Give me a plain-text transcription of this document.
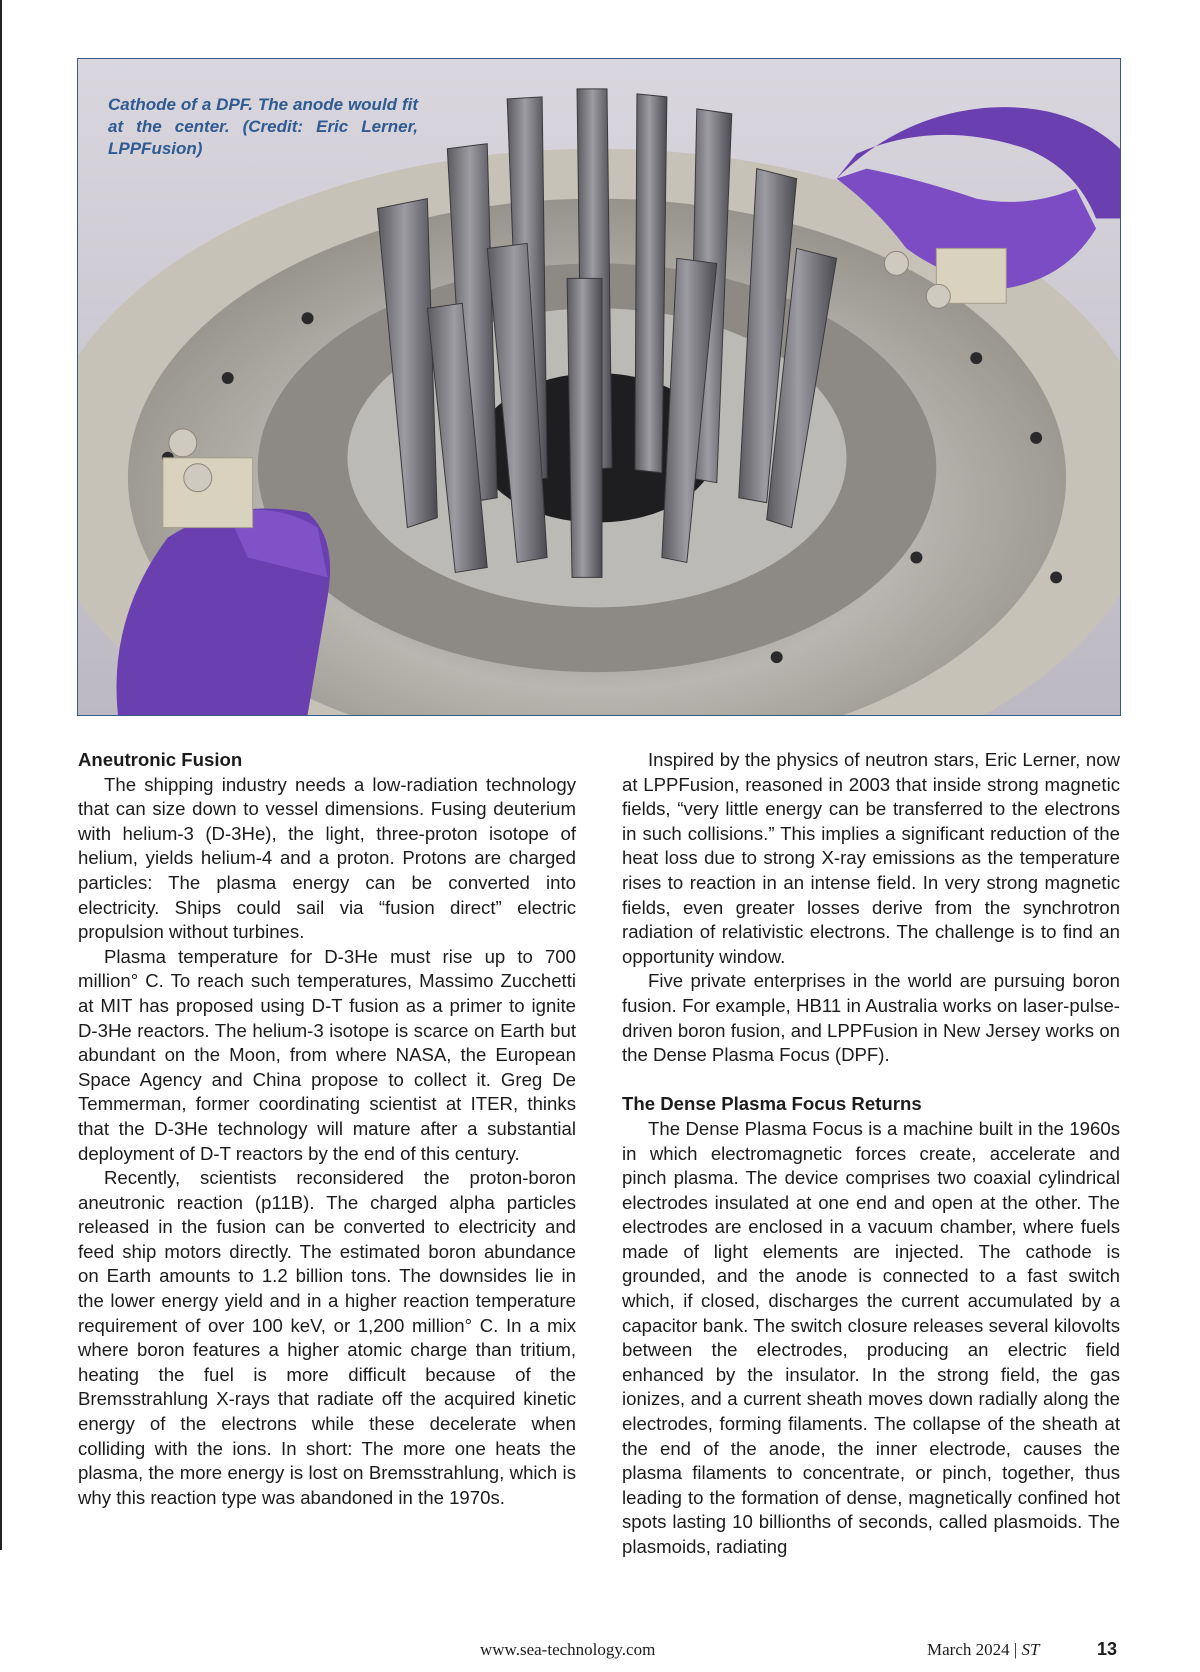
Cathode of a DPF. The anode would fit at the center. (Credit: Eric Lerner, LPPFusion)
Aneutronic Fusion

The shipping industry needs a low-radiation technology that can size down to vessel dimensions. Fusing deuterium with helium-3 (D-3He), the light, three-proton isotope of helium, yields helium-4 and a proton. Protons are charged particles: The plasma energy can be converted into electricity. Ships could sail via “fusion direct” electric propulsion without turbines.

Plasma temperature for D-3He must rise up to 700 million° C. To reach such temperatures, Massimo Zucchetti at MIT has proposed using D-T fusion as a primer to ignite D-3He reactors. The helium-3 isotope is scarce on Earth but abundant on the Moon, from where NASA, the European Space Agency and China propose to collect it. Greg De Temmerman, former coordinating scientist at ITER, thinks that the D-3He technology will mature after a substantial deployment of D-T reactors by the end of this century.

Recently, scientists reconsidered the proton-boron aneutronic reaction (p11B). The charged alpha particles released in the fusion can be converted to electricity and feed ship motors directly. The estimated boron abundance on Earth amounts to 1.2 billion tons. The downsides lie in the lower energy yield and in a higher reaction temperature requirement of over 100 keV, or 1,200 million° C. In a mix where boron features a higher atomic charge than tritium, heating the fuel is more difficult because of the Bremsstrahlung X-rays that radiate off the acquired kinetic energy of the electrons while these decelerate when colliding with the ions. In short: The more one heats the plasma, the more energy is lost on Bremsstrahlung, which is why this reaction type was abandoned in the 1970s.

Inspired by the physics of neutron stars, Eric Lerner, now at LPPFusion, reasoned in 2003 that inside strong magnetic fields, “very little energy can be transferred to the electrons in such collisions.” This implies a significant reduction of the heat loss due to strong X-ray emissions as the temperature rises to reaction in an intense field. In very strong magnetic fields, even greater losses derive from the synchrotron radiation of relativistic electrons. The challenge is to find an opportunity window.

Five private enterprises in the world are pursuing boron fusion. For example, HB11 in Australia works on laser-pulse-driven boron fusion, and LPPFusion in New Jersey works on the Dense Plasma Focus (DPF).

The Dense Plasma Focus Returns

The Dense Plasma Focus is a machine built in the 1960s in which electromagnetic forces create, accelerate and pinch plasma. The device comprises two coaxial cylindrical electrodes insulated at one end and open at the other. The electrodes are enclosed in a vacuum chamber, where fuels made of light elements are injected. The cathode is grounded, and the anode is connected to a fast switch which, if closed, discharges the current accumulated by a capacitor bank. The switch closure releases several kilovolts between the electrodes, producing an electric field enhanced by the insulator. In the strong field, the gas ionizes, and a current sheath moves down radially along the electrodes, forming filaments. The collapse of the sheath at the end of the anode, the inner electrode, causes the plasma filaments to concentrate, or pinch, together, thus leading to the formation of dense, magnetically confined hot spots lasting 10 billionths of seconds, called plasmoids. The plasmoids, radiating

www.sea-technology.com	March 2024 | ST	13
